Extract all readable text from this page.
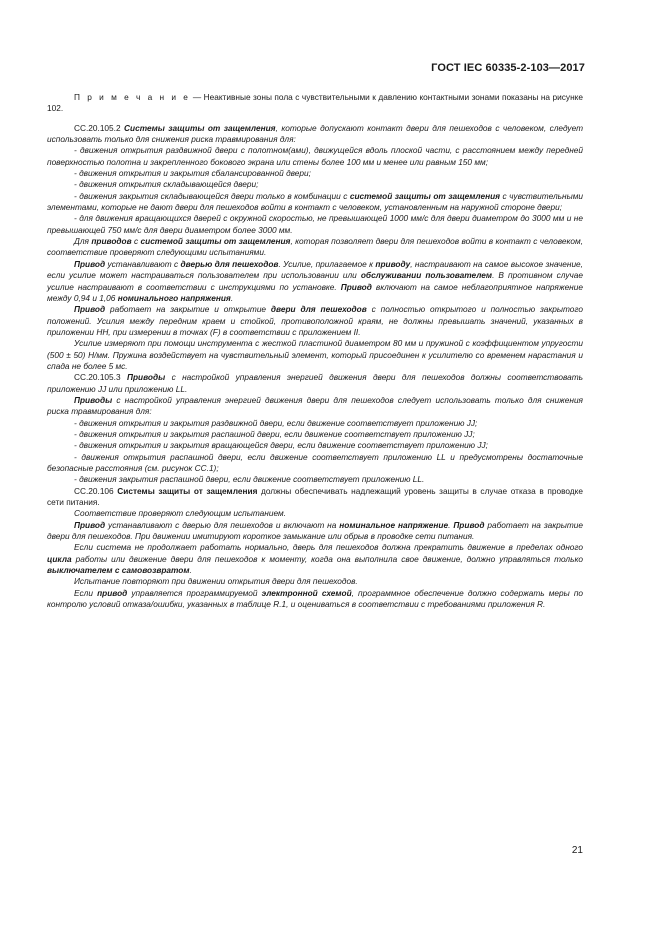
ГОСТ IEC 60335-2-103—2017

П р и м е ч а н и е — Неактивные зоны пола с чувствительными к давлению контактными зонами показаны на рисунке 102.

CC.20.105.2 Системы защиты от защемления, которые допускают контакт двери для пешеходов с человеком, следует использовать только для снижения риска травмирования для:

- движения открытия раздвижной двери с полотном(ами), движущейся вдоль плоской части, с расстоянием между передней поверхностью полотна и закрепленного бокового экрана или стены более 100 мм и менее или равным 150 мм;

- движения открытия и закрытия сбалансированной двери;

- движения открытия складывающейся двери;

- движения закрытия складывающейся двери только в комбинации с системой защиты от защемления с чувствительными элементами, которые не дают двери для пешеходов войти в контакт с человеком, установленным на наружной стороне двери;

- для движения вращающихся дверей с окружной скоростью, не превышающей 1000 мм/с для двери диаметром до 3000 мм и не превышающей 750 мм/с для двери диаметром более 3000 мм.

Для приводов с системой защиты от защемления, которая позволяет двери для пешеходов войти в контакт с человеком, соответствие проверяют следующими испытаниями.

Привод устанавливают с дверью для пешеходов. Усилие, прилагаемое к приводу, настраивают на самое высокое значение, если усилие может настраиваться пользователем при использовании или обслуживании пользователем. В противном случае усилие настраивают в соответствии с инструкциями по установке. Привод включают на самое неблагоприятное напряжение между 0,94 и 1,06 номинального напряжения.

Привод работает на закрытие и открытие двери для пешеходов с полностью открытого и полностью закрытого положений. Усилия между передним краем и стойкой, противоположной краям, не должны превышать значений, указанных в приложении НН, при измерении в точках (F) в соответствии с приложением II.

Усилие измеряют при помощи инструмента с жесткой пластиной диаметром 80 мм и пружиной с коэффициентом упругости (500 ± 50) Н/мм. Пружина воздействует на чувствительный элемент, который присоединен к усилителю со временем нарастания и спада не более 5 мс.

CC.20.105.3 Приводы с настройкой управления энергией движения двери для пешеходов должны соответствовать приложению JJ или приложению LL.

Приводы с настройкой управления энергией движения двери для пешеходов следует использовать только для снижения риска травмирования для:

- движения открытия и закрытия раздвижной двери, если движение соответствует приложению JJ;

- движения открытия и закрытия распашной двери, если движение соответствует приложению JJ;

- движения открытия и закрытия вращающейся двери, если движение соответствует приложению JJ;

- движения открытия распашной двери, если движение соответствует приложению LL и предусмотрены достаточные безопасные расстояния (см. рисунок CC.1);

- движения закрытия распашной двери, если движение соответствует приложению LL.

CC.20.106 Системы защиты от защемления должны обеспечивать надлежащий уровень защиты в случае отказа в проводке сети питания.

Соответствие проверяют следующим испытанием.

Привод устанавливают с дверью для пешеходов и включают на номинальное напряжение. Привод работает на закрытие двери для пешеходов. При движении имитируют короткое замыкание или обрыв в проводке сети питания.

Если система не продолжает работать нормально, дверь для пешеходов должна прекратить движение в пределах одного цикла работы или движение двери для пешеходов к моменту, когда она выполнила свое движение, должно управляться только выключателем с самовозвратом.

Испытание повторяют при движении открытия двери для пешеходов.

Если привод управляется программируемой электронной схемой, программное обеспечение должно содержать меры по контролю условий отказа/ошибки, указанных в таблице R.1, и оцениваться в соответствии с требованиями приложения R.

21
